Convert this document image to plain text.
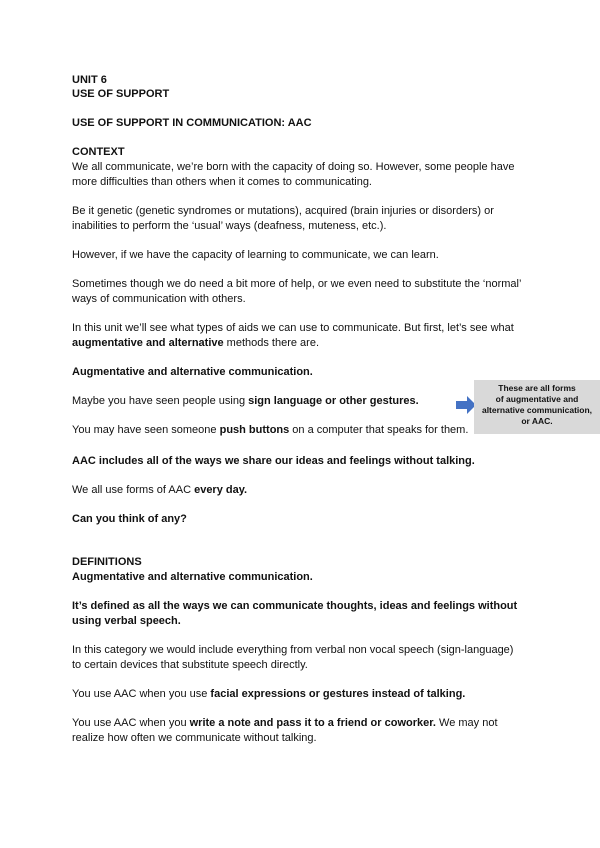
UNIT 6

USE OF SUPPORT

USE OF SUPPORT IN COMMUNICATION: AAC

CONTEXT

We all communicate, we’re born with the capacity of doing so. However, some people have

more difficulties than others when it comes to communicating.

Be it genetic (genetic syndromes or mutations), acquired (brain injuries or disorders) or

inabilities to perform the ‘usual’ ways (deafness, muteness, etc.).

However, if we have the capacity of learning to communicate, we can learn.

Sometimes though we do need a bit more of help, or we even need to substitute the ‘normal’

ways of communication with others.

In this unit we’ll see what types of aids we can use to communicate. But first, let’s see what

augmentative and alternative methods there are.

Augmentative and alternative communication.

Maybe you have seen people using sign language or other gestures.

You may have seen someone push buttons on a computer that speaks for them.

AAC includes all of the ways we share our ideas and feelings without talking.

We all use forms of AAC every day.

Can you think of any?

DEFINITIONS

Augmentative and alternative communication.

It’s defined as all the ways we can communicate thoughts, ideas and feelings without

using verbal speech.

In this category we would include everything from verbal non vocal speech (sign-language)

to certain devices that substitute speech directly.

You use AAC when you use facial expressions or gestures instead of talking.

You use AAC when you write a note and pass it to a friend or coworker. We may not

realize how often we communicate without talking.

These are all forms
of augmentative and
alternative communication,
or AAC.
